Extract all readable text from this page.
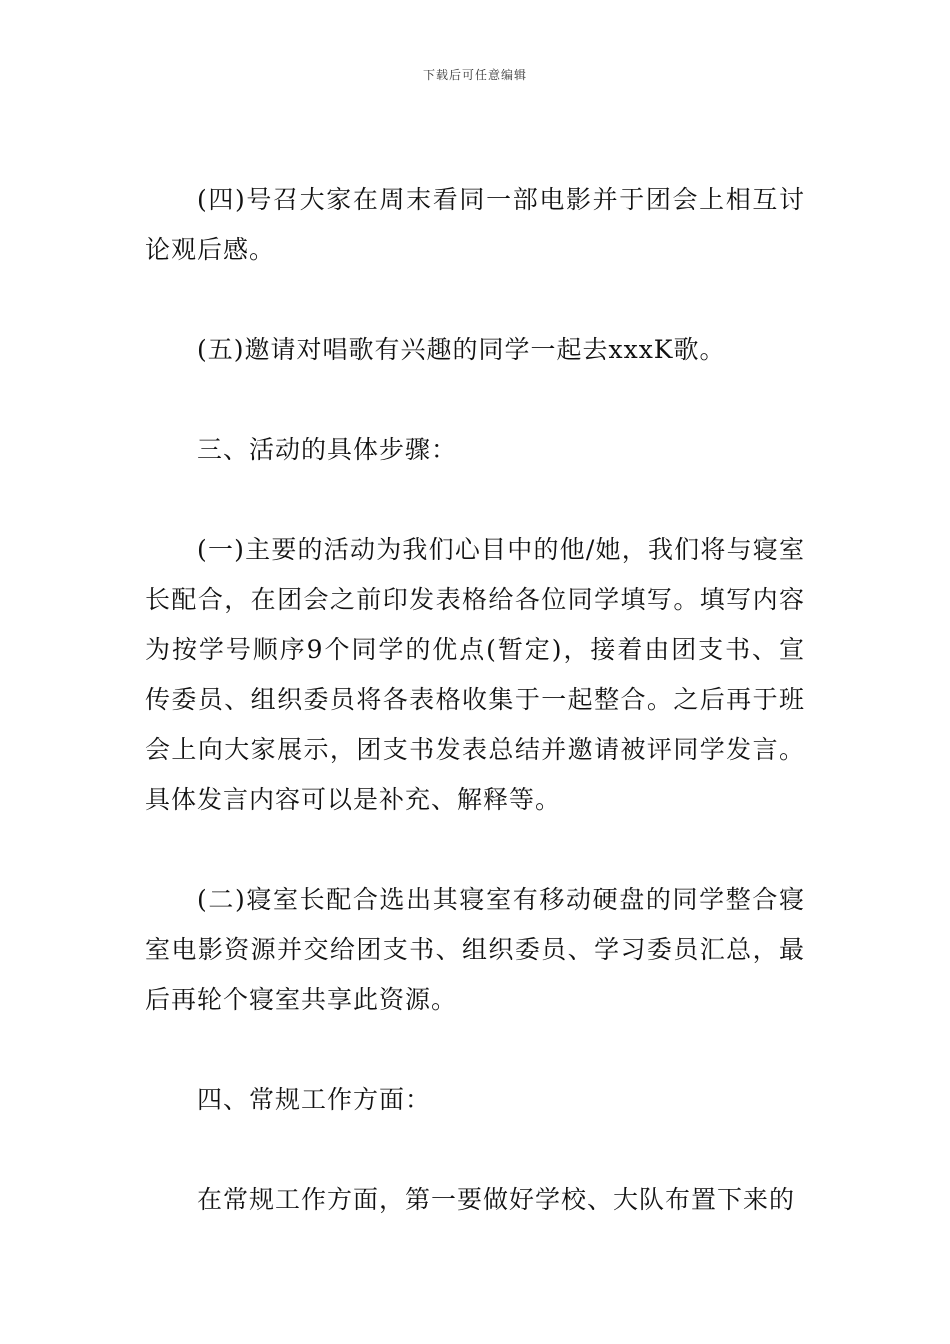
下载后可任意编辑

(四)号召大家在周末看同一部电影并于团会上相互讨论观后感。

(五)邀请对唱歌有兴趣的同学一起去xxxK歌。

三、活动的具体步骤：

(一)主要的活动为我们心目中的他/她，我们将与寝室长配合，在团会之前印发表格给各位同学填写。填写内容为按学号顺序9个同学的优点(暂定)，接着由团支书、宣传委员、组织委员将各表格收集于一起整合。之后再于班会上向大家展示，团支书发表总结并邀请被评同学发言。具体发言内容可以是补充、解释等。

(二)寝室长配合选出其寝室有移动硬盘的同学整合寝室电影资源并交给团支书、组织委员、学习委员汇总，最后再轮个寝室共享此资源。

四、常规工作方面：

在常规工作方面，第一要做好学校、大队布置下来的
